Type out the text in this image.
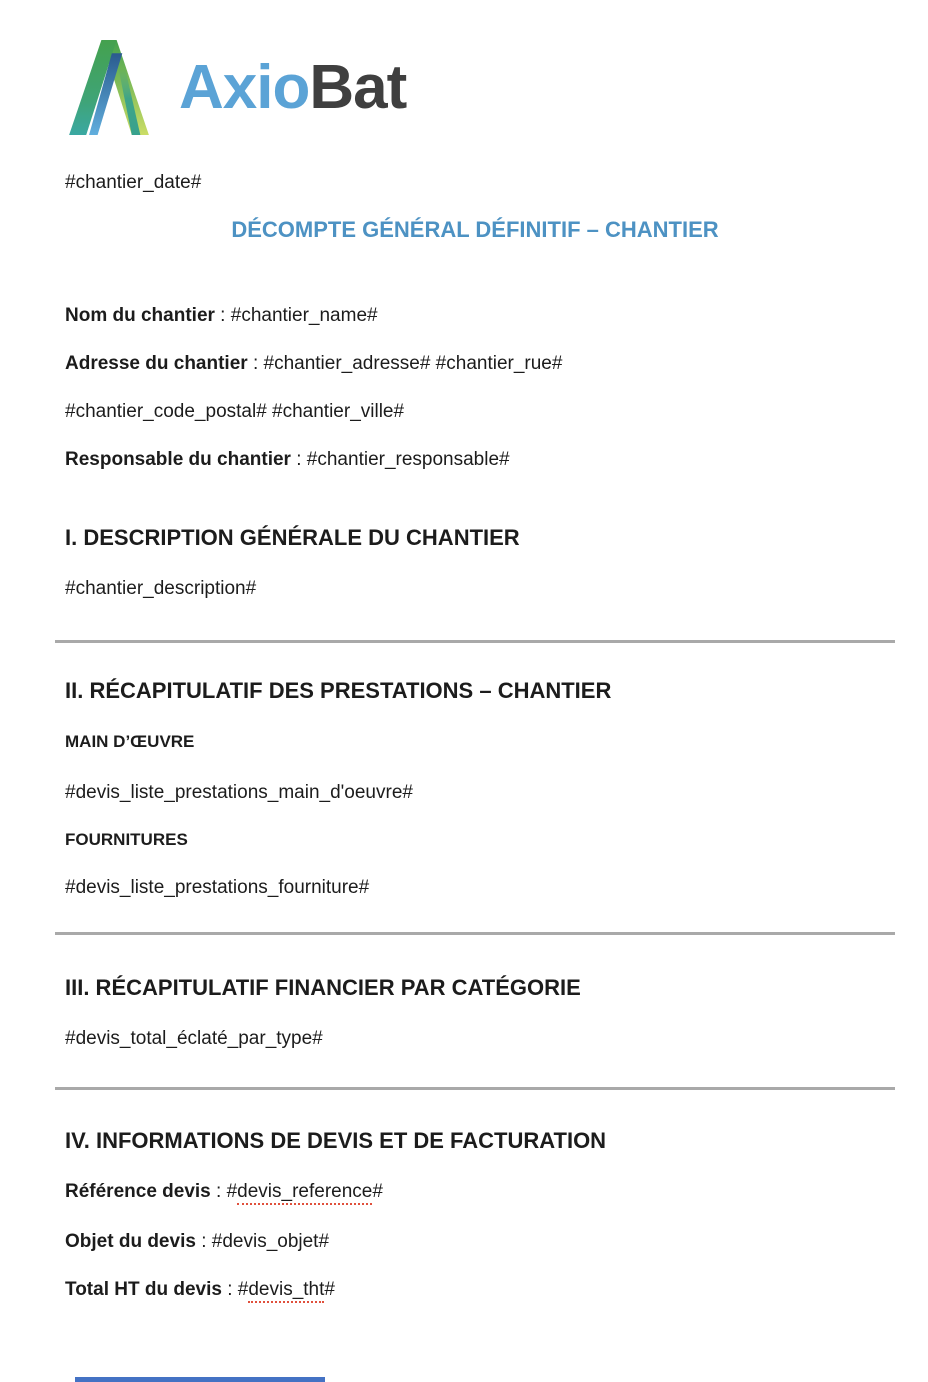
AxioBat

#chantier_date#

DÉCOMPTE GÉNÉRAL DÉFINITIF – CHANTIER

Nom du chantier : #chantier_name#

Adresse du chantier : #chantier_adresse# #chantier_rue#

#chantier_code_postal# #chantier_ville#

Responsable du chantier : #chantier_responsable#

I. DESCRIPTION GÉNÉRALE DU CHANTIER

#chantier_description#

II. RÉCAPITULATIF DES PRESTATIONS – CHANTIER

MAIN D’ŒUVRE

#devis_liste_prestations_main_d'oeuvre#

FOURNITURES

#devis_liste_prestations_fourniture#

III. RÉCAPITULATIF FINANCIER PAR CATÉGORIE

#devis_total_éclaté_par_type#

IV. INFORMATIONS DE DEVIS ET DE FACTURATION

Référence devis : #devis_reference#

Objet du devis : #devis_objet#

Total HT du devis : #devis_tht#
